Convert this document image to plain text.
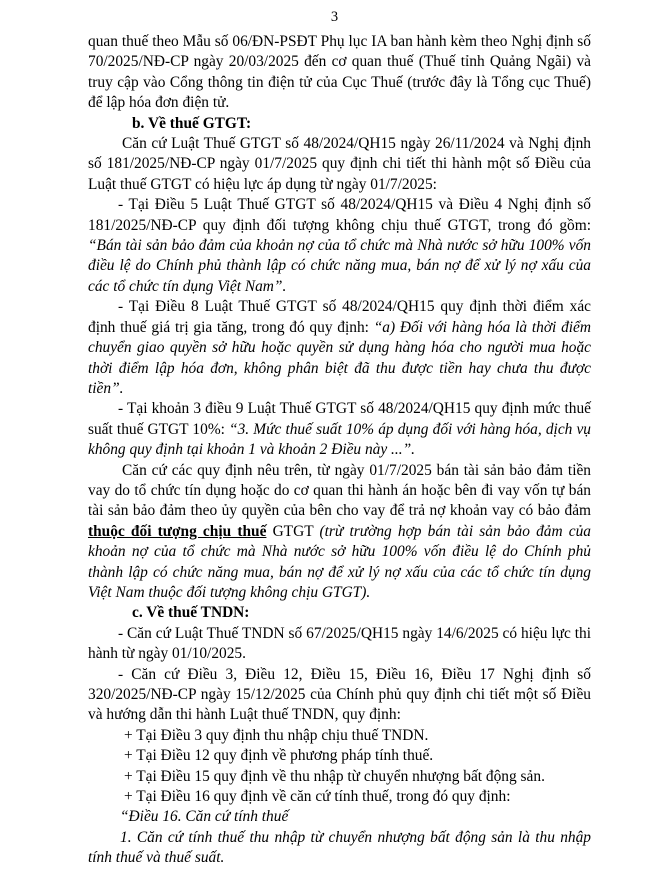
3

quan thuế theo Mẫu số 06/ĐN-PSĐT Phụ lục IA ban hành kèm theo Nghị định số 70/2025/NĐ-CP ngày 20/03/2025 đến cơ quan thuế (Thuế tỉnh Quảng Ngãi) và truy cập vào Cổng thông tin điện tử của Cục Thuế (trước đây là Tổng cục Thuế) để lập hóa đơn điện tử.

b. Về thuế GTGT:

Căn cứ Luật Thuế GTGT số 48/2024/QH15 ngày 26/11/2024 và Nghị định số 181/2025/NĐ-CP ngày 01/7/2025 quy định chi tiết thi hành một số Điều của Luật thuế GTGT có hiệu lực áp dụng từ ngày 01/7/2025:

- Tại Điều 5 Luật Thuế GTGT số 48/2024/QH15 và Điều 4 Nghị định số 181/2025/NĐ-CP quy định đối tượng không chịu thuế GTGT, trong đó gồm: “Bán tài sản bảo đảm của khoản nợ của tổ chức mà Nhà nước sở hữu 100% vốn điều lệ do Chính phủ thành lập có chức năng mua, bán nợ để xử lý nợ xấu của các tổ chức tín dụng Việt Nam”.

- Tại Điều 8 Luật Thuế GTGT số 48/2024/QH15 quy định thời điểm xác định thuế giá trị gia tăng, trong đó quy định: “a) Đối với hàng hóa là thời điểm chuyển giao quyền sở hữu hoặc quyền sử dụng hàng hóa cho người mua hoặc thời điểm lập hóa đơn, không phân biệt đã thu được tiền hay chưa thu được tiền”.

- Tại khoản 3 điều 9 Luật Thuế GTGT số 48/2024/QH15 quy định mức thuế suất thuế GTGT 10%: “3. Mức thuế suất 10% áp dụng đối với hàng hóa, dịch vụ không quy định tại khoản 1 và khoản 2 Điều này ...”.

Căn cứ các quy định nêu trên, từ ngày 01/7/2025 bán tài sản bảo đảm tiền vay do tổ chức tín dụng hoặc do cơ quan thi hành án hoặc bên đi vay vốn tự bán tài sản bảo đảm theo ủy quyền của bên cho vay để trả nợ khoản vay có bảo đảm thuộc đối tượng chịu thuế GTGT (trừ trường hợp bán tài sản bảo đảm của khoản nợ của tổ chức mà Nhà nước sở hữu 100% vốn điều lệ do Chính phủ thành lập có chức năng mua, bán nợ để xử lý nợ xấu của các tổ chức tín dụng Việt Nam thuộc đối tượng không chịu GTGT).

c. Về thuế TNDN:

- Căn cứ Luật Thuế TNDN số 67/2025/QH15 ngày 14/6/2025 có hiệu lực thi hành từ ngày 01/10/2025.

- Căn cứ Điều 3, Điều 12, Điều 15, Điều 16, Điều 17 Nghị định số 320/2025/NĐ-CP ngày 15/12/2025 của Chính phủ quy định chi tiết một số Điều và hướng dẫn thi hành Luật thuế TNDN, quy định:

+ Tại Điều 3 quy định thu nhập chịu thuế TNDN.

+ Tại Điều 12 quy định về phương pháp tính thuế.

+ Tại Điều 15 quy định về thu nhập từ chuyển nhượng bất động sản.

+ Tại Điều 16 quy định về căn cứ tính thuế, trong đó quy định:

“Điều 16. Căn cứ tính thuế

1. Căn cứ tính thuế thu nhập từ chuyển nhượng bất động sản là thu nhập tính thuế và thuế suất.
